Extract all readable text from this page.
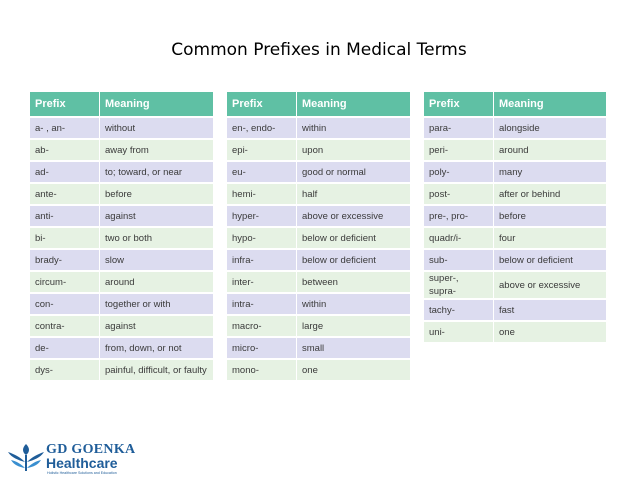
Common Prefixes in Medical Terms
Prefix	Meaning
a- , an-	without
ab-	away from
ad-	to; toward, or near
ante-	before
anti-	against
bi-	two or both
brady-	slow
circum-	around
con-	together or with
contra-	against
de-	from, down, or not
dys-	painful, difficult, or faulty
Prefix	Meaning
en-, endo-	within
epi-	upon
eu-	good or normal
hemi-	half
hyper-	above or excessive
hypo-	below or deficient
infra-	below or deficient
inter-	between
intra-	within
macro-	large
micro-	small
mono-	one
Prefix	Meaning
para-	alongside
peri-	around
poly-	many
post-	after or behind
pre-, pro-	before
quadr/i-	four
sub-	below or deficient
super-, supra-	above or excessive
tachy-	fast
uni-	one
GD GOENKA
Healthcare
Holistic Healthcare Solutions and Education
